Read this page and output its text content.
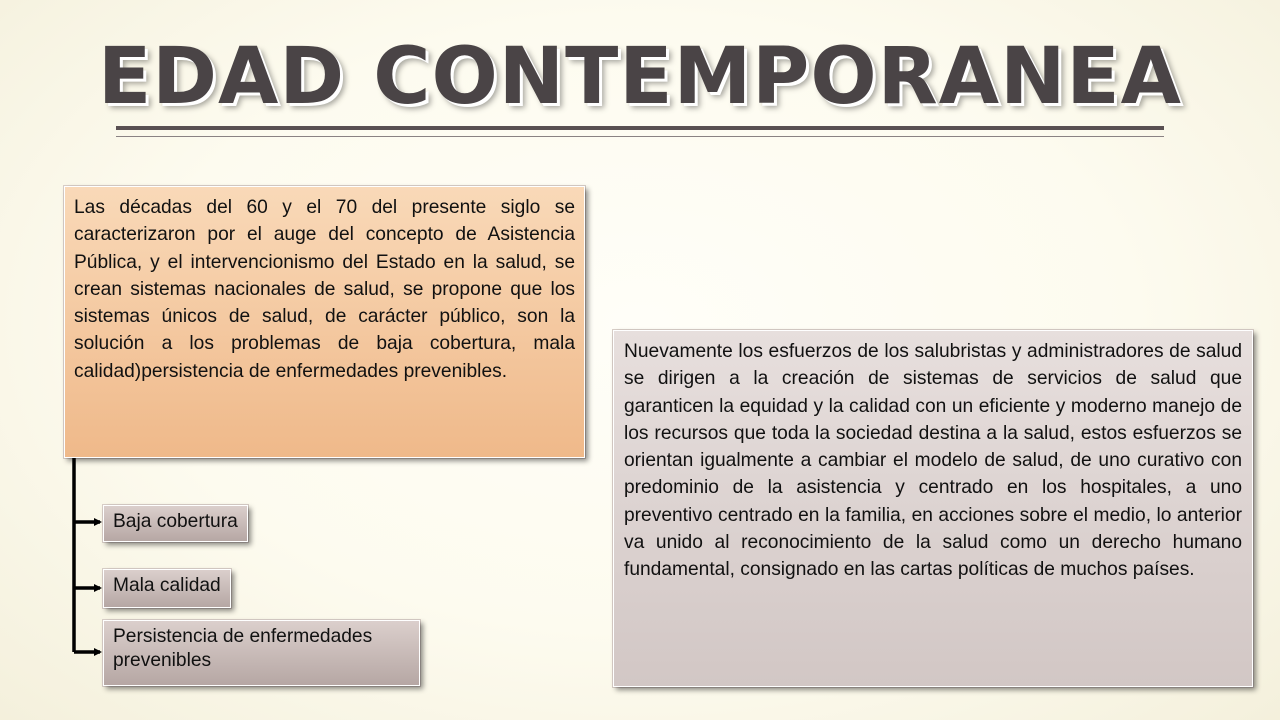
EDAD CONTEMPORANEA
Las décadas del 60 y el 70 del presente siglo se caracterizaron por el auge del concepto de Asistencia Pública, y el intervencionismo del Estado en la salud, se crean sistemas nacionales de salud, se propone que los sistemas únicos de salud, de carácter público, son la solución a los problemas de baja cobertura, mala calidad)persistencia de enfermedades prevenibles.
Baja cobertura
Mala calidad
Persistencia de enfermedades prevenibles
Nuevamente los esfuerzos de los salubristas y administradores de salud se dirigen a la creación de sistemas de servicios de salud que garanticen la equidad y la calidad con un eficiente y moderno manejo de los recursos que toda la sociedad destina a la salud, estos esfuerzos se orientan igualmente a cambiar el modelo de salud, de uno curativo con predominio de la asistencia y centrado en los hospitales, a uno preventivo centrado en la familia, en acciones sobre el medio, lo anterior va unido al reconocimiento de la salud como un derecho humano fundamental, consignado en las cartas políticas de muchos países.
